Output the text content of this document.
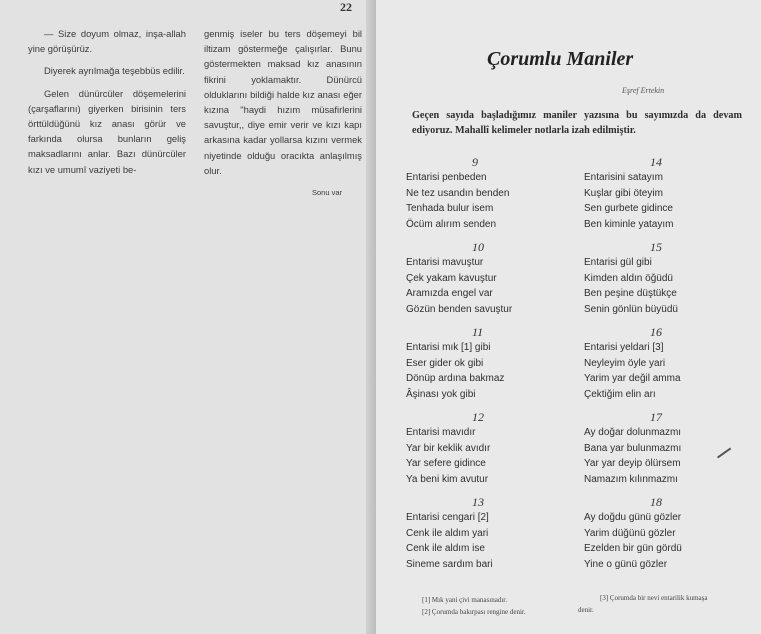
22

— Size doyum olmaz, inşa-allah yine görüşürüz.

Diyerek ayrılmağa teşebbüs edilir.

Gelen dünürcüler döşemelerini (çarşaflarını) giyerken birisinin ters örttüldüğünü kız anası görür ve farkında olursa bunların geliş maksadlarını anlar. Bazı dünürcüler kızı ve umumî vaziyeti be-

genmiş iseler bu ters döşemeyi bil iltizam göstermeğe çalışırlar. Bunu göstermekten maksad kız anasının fikrini yoklamaktır. Dünürcü olduklarını bildiği halde kız anası eğer kızına "haydi hızım müsafirlerini savuştur,, diye emir verir ve kızı kapı arkasına kadar yollarsa kızını vermek niyetinde olduğu oracıkta anlaşılmış olur.

Sonu var
Çorumlu Maniler
Eşref Ertekin

Geçen sayıda başladığımız maniler yazısına bu sayımızda da devam ediyoruz. Mahallî kelimeler notlarla izah edilmiştir.

9
Entarisi penbeden
Ne tez usandın benden
Tenhada bulur isem
Öcüm alırım senden
10
Entarisi mavuştur
Çek yakam kavuştur
Aramızda engel var
Gözün benden savuştur
11
Entarisi mık [1] gibi
Eser gider ok gibi
Dönüp ardına bakmaz
Âşinası yok gibi
12
Entarisi mavıdır
Yar bir keklik avıdır
Yar sefere gidince
Ya beni kim avutur
13
Entarisi cengari [2]
Cenk ile aldım yari
Cenk ile aldım ise
Sineme sardım bari
14
Entarisini satayım
Kuşlar gibi öteyim
Sen gurbete gidince
Ben kiminle yatayım
15
Entarisi gül gibi
Kimden aldın öğüdü
Ben peşine düştükçe
Senin gönlün büyüdü
16
Entarisi yeldari [3]
Neyleyim öyle yari
Yarim yar değil amma
Çektiğim elin arı
17
Ay doğar dolunmazmı
Bana yar bulunmazmı
Yar yar deyip ölürsem
Namazım kılınmazmı
18
Ay doğdu günü gözler
Yarim düğünü gözler
Ezelden bir gün gördü
Yine o günü gözler
[1] Mık yani çivi manasınadır.
[2] Çorumda bakırpası rengine denir.
[3] Çorumda bir nevi entarilik kumaşa
denir.
